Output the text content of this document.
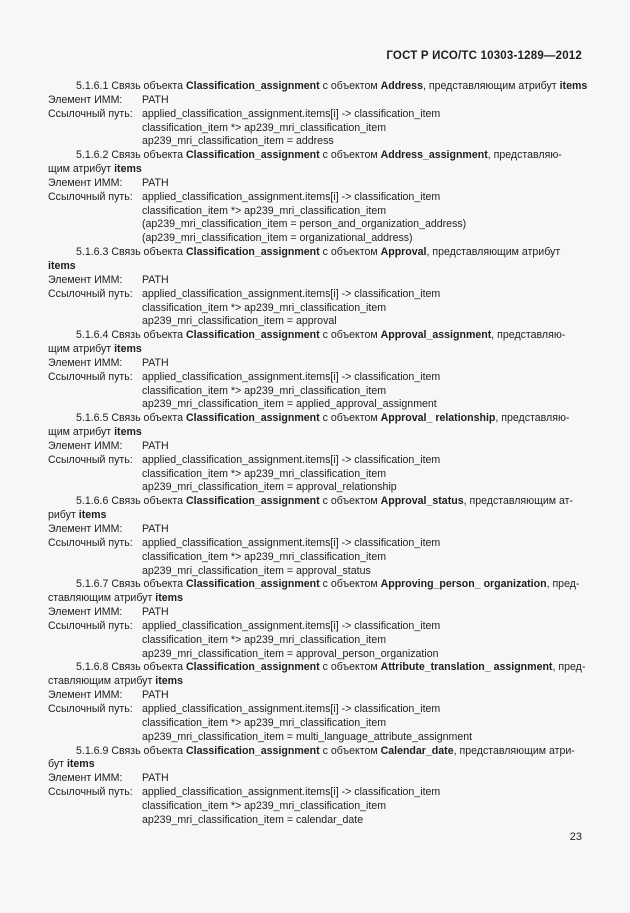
ГОСТ Р ИСО/ТС 10303-1289—2012
5.1.6.1 Связь объекта Classification_assignment с объектом Address, представляющим атрибут items
Элемент ИММ:	PATH
Ссылочный путь: applied_classification_assignment.items[i] -> classification_item
classification_item *> ap239_mri_classification_item
ap239_mri_classification_item = address
5.1.6.2 Связь объекта Classification_assignment с объектом Address_assignment, представляю-
щим атрибут items
Элемент ИММ:	PATH
Ссылочный путь: applied_classification_assignment.items[i] -> classification_item
classification_item *> ap239_mri_classification_item
(ap239_mri_classification_item = person_and_organization_address)
(ap239_mri_classification_item = organizational_address)
5.1.6.3 Связь объекта Classification_assignment с объектом Approval, представляющим атрибут
items
Элемент ИММ:	PATH
Ссылочный путь: applied_classification_assignment.items[i] -> classification_item
classification_item *> ap239_mri_classification_item
ap239_mri_classification_item = approval
5.1.6.4 Связь объекта Classification_assignment с объектом Approval_assignment, представляю-
щим атрибут items
Элемент ИММ:	PATH
Ссылочный путь: applied_classification_assignment.items[i] -> classification_item
classification_item *> ap239_mri_classification_item
ap239_mri_classification_item = applied_approval_assignment
5.1.6.5 Связь объекта Classification_assignment с объектом Approval_ relationship, представляю-
щим атрибут items
Элемент ИММ:	PATH
Ссылочный путь: applied_classification_assignment.items[i] -> classification_item
classification_item *> ap239_mri_classification_item
ap239_mri_classification_item = approval_relationship
5.1.6.6 Связь объекта Classification_assignment с объектом Approval_status, представляющим ат-
рибут items
Элемент ИММ:	PATH
Ссылочный путь: applied_classification_assignment.items[i] -> classification_item
classification_item *> ap239_mri_classification_item
ap239_mri_classification_item = approval_status
5.1.6.7 Связь объекта Classification_assignment с объектом Approving_person_ organization, пред-
ставляющим атрибут items
Элемент ИММ:	PATH
Ссылочный путь: applied_classification_assignment.items[i] -> classification_item
classification_item *> ap239_mri_classification_item
ap239_mri_classification_item = approval_person_organization
5.1.6.8 Связь объекта Classification_assignment с объектом Attribute_translation_ assignment, пред-
ставляющим атрибут items
Элемент ИММ:	PATH
Ссылочный путь: applied_classification_assignment.items[i] -> classification_item
classification_item *> ap239_mri_classification_item
ap239_mri_classification_item = multi_language_attribute_assignment
5.1.6.9 Связь объекта Classification_assignment с объектом Calendar_date, представляющим атри-
бут items
Элемент ИММ:	PATH
Ссылочный путь: applied_classification_assignment.items[i] -> classification_item
classification_item *> ap239_mri_classification_item
ap239_mri_classification_item = calendar_date
23
